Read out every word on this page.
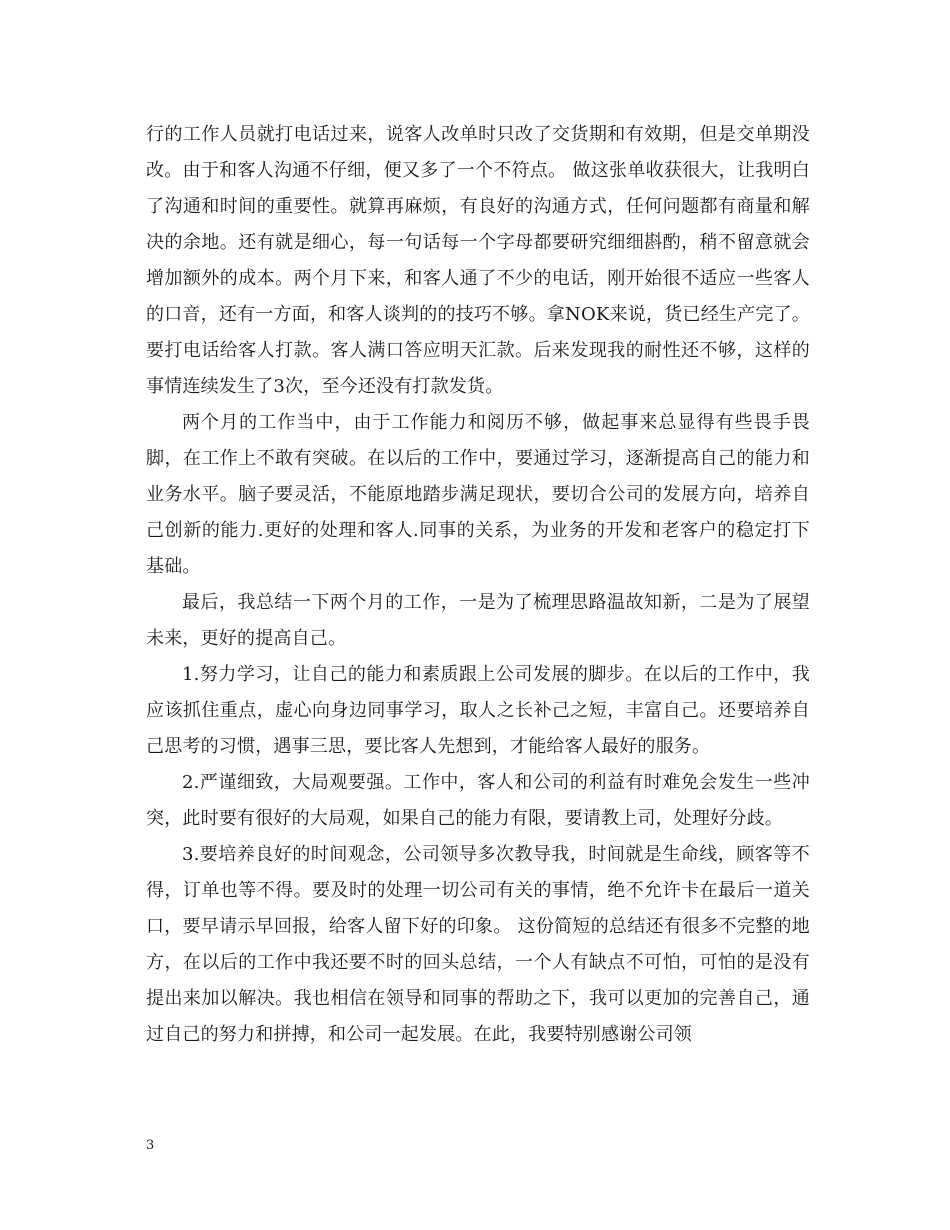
行的工作人员就打电话过来，说客人改单时只改了交货期和有效期，但是交单期没改。由于和客人沟通不仔细，便又多了一个不符点。 做这张单收获很大，让我明白了沟通和时间的重要性。就算再麻烦，有良好的沟通方式，任何问题都有商量和解决的余地。还有就是细心，每一句话每一个字母都要研究细细斟酌，稍不留意就会增加额外的成本。两个月下来，和客人通了不少的电话，刚开始很不适应一些客人的口音，还有一方面，和客人谈判的的技巧不够。拿NOK来说，货已经生产完了。要打电话给客人打款。客人满口答应明天汇款。后来发现我的耐性还不够，这样的事情连续发生了3次，至今还没有打款发货。

两个月的工作当中，由于工作能力和阅历不够，做起事来总显得有些畏手畏脚，在工作上不敢有突破。在以后的工作中，要通过学习，逐渐提高自己的能力和业务水平。脑子要灵活，不能原地踏步满足现状，要切合公司的发展方向，培养自己创新的能力.更好的处理和客人.同事的关系，为业务的开发和老客户的稳定打下基础。

最后，我总结一下两个月的工作，一是为了梳理思路温故知新，二是为了展望未来，更好的提高自己。

1.努力学习，让自己的能力和素质跟上公司发展的脚步。在以后的工作中，我应该抓住重点，虚心向身边同事学习，取人之长补己之短，丰富自己。还要培养自己思考的习惯，遇事三思，要比客人先想到，才能给客人最好的服务。

2.严谨细致，大局观要强。工作中，客人和公司的利益有时难免会发生一些冲突，此时要有很好的大局观，如果自己的能力有限，要请教上司，处理好分歧。

3.要培养良好的时间观念，公司领导多次教导我，时间就是生命线，顾客等不得，订单也等不得。要及时的处理一切公司有关的事情，绝不允许卡在最后一道关口，要早请示早回报，给客人留下好的印象。 这份简短的总结还有很多不完整的地方，在以后的工作中我还要不时的回头总结，一个人有缺点不可怕，可怕的是没有提出来加以解决。我也相信在领导和同事的帮助之下，我可以更加的完善自己，通过自己的努力和拼搏，和公司一起发展。在此，我要特别感谢公司领

3
